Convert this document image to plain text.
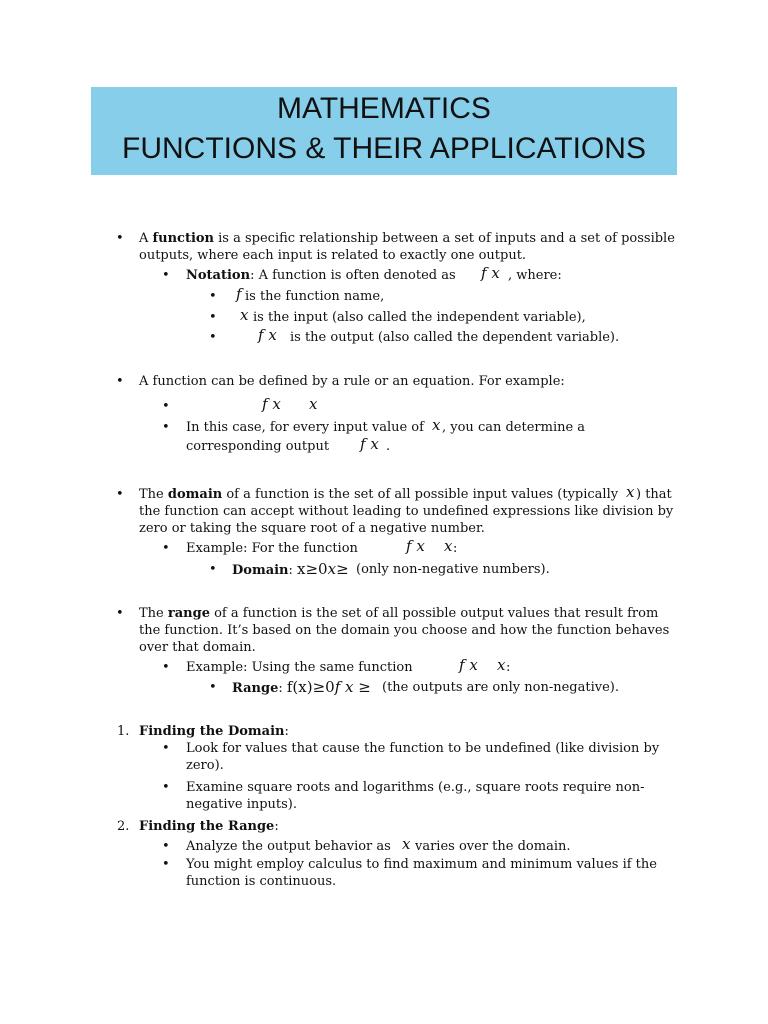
MATHEMATICS
FUNCTIONS & THEIR APPLICATIONS
• A function is a specific relationship between a set of inputs and a set of possible
outputs, where each input is related to exactly one output.
• Notation: A function is often denoted as f x , where:
• f is the function name,
• x is the input (also called the independent variable),
•	f x is the output (also called the dependent variable).
• A function can be defined by a rule or an equation. For example:
•	f x x
• In this case, for every input value of x , you can determine a
corresponding output f x .
• The domain of a function is the set of all possible input values (typically x ) that
the function can accept without leading to undefined expressions like division by
zero or taking the square root of a negative number.
• Example: For the function	f x x :
• Domain: x≥0x≥ (only non-negative numbers).
• The range of a function is the set of all possible output values that result from
the function. It’s based on the domain you choose and how the function behaves
over that domain.
• Example: Using the same function	f x x :
• Range: f(x)≥0f x ≥ (the outputs are only non-negative).
1. Finding the Domain:
• Look for values that cause the function to be undefined (like division by
zero).
• Examine square roots and logarithms (e.g., square roots require non-
negative inputs).
2. Finding the Range:
• Analyze the output behavior as x varies over the domain.
• You might employ calculus to find maximum and minimum values if the
function is continuous.
